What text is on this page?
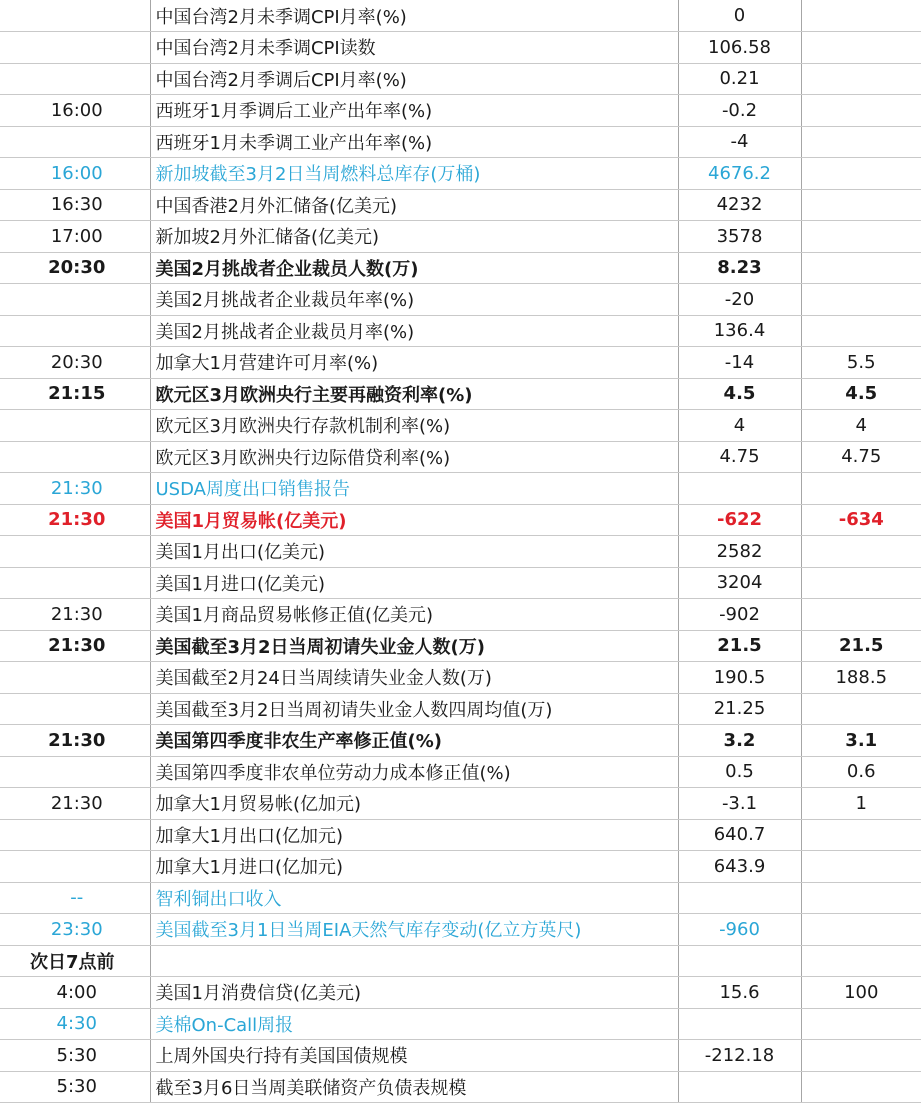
	中国台湾2月未季调CPI月率(%)	0	
	中国台湾2月未季调CPI读数	106.58	
	中国台湾2月季调后CPI月率(%)	0.21	
16:00	西班牙1月季调后工业产出年率(%)	-0.2	
	西班牙1月未季调工业产出年率(%)	-4	
16:00	新加坡截至3月2日当周燃料总库存(万桶)	4676.2	
16:30	中国香港2月外汇储备(亿美元)	4232	
17:00	新加坡2月外汇储备(亿美元)	3578	
20:30	美国2月挑战者企业裁员人数(万)	8.23	
	美国2月挑战者企业裁员年率(%)	-20	
	美国2月挑战者企业裁员月率(%)	136.4	
20:30	加拿大1月营建许可月率(%)	-14	5.5
21:15	欧元区3月欧洲央行主要再融资利率(%)	4.5	4.5
	欧元区3月欧洲央行存款机制利率(%)	4	4
	欧元区3月欧洲央行边际借贷利率(%)	4.75	4.75
21:30	USDA周度出口销售报告		
21:30	美国1月贸易帐(亿美元)	-622	-634
	美国1月出口(亿美元)	2582	
	美国1月进口(亿美元)	3204	
21:30	美国1月商品贸易帐修正值(亿美元)	-902	
21:30	美国截至3月2日当周初请失业金人数(万)	21.5	21.5
	美国截至2月24日当周续请失业金人数(万)	190.5	188.5
	美国截至3月2日当周初请失业金人数四周均值(万)	21.25	
21:30	美国第四季度非农生产率修正值(%)	3.2	3.1
	美国第四季度非农单位劳动力成本修正值(%)	0.5	0.6
21:30	加拿大1月贸易帐(亿加元)	-3.1	1
	加拿大1月出口(亿加元)	640.7	
	加拿大1月进口(亿加元)	643.9	
--	智利铜出口收入		
23:30	美国截至3月1日当周EIA天然气库存变动(亿立方英尺)	-960	
次日7点前			
4:00	美国1月消费信贷(亿美元)	15.6	100
4:30	美棉On-Call周报		
5:30	上周外国央行持有美国国债规模	-212.18	
5:30	截至3月6日当周美联储资产负债表规模		
